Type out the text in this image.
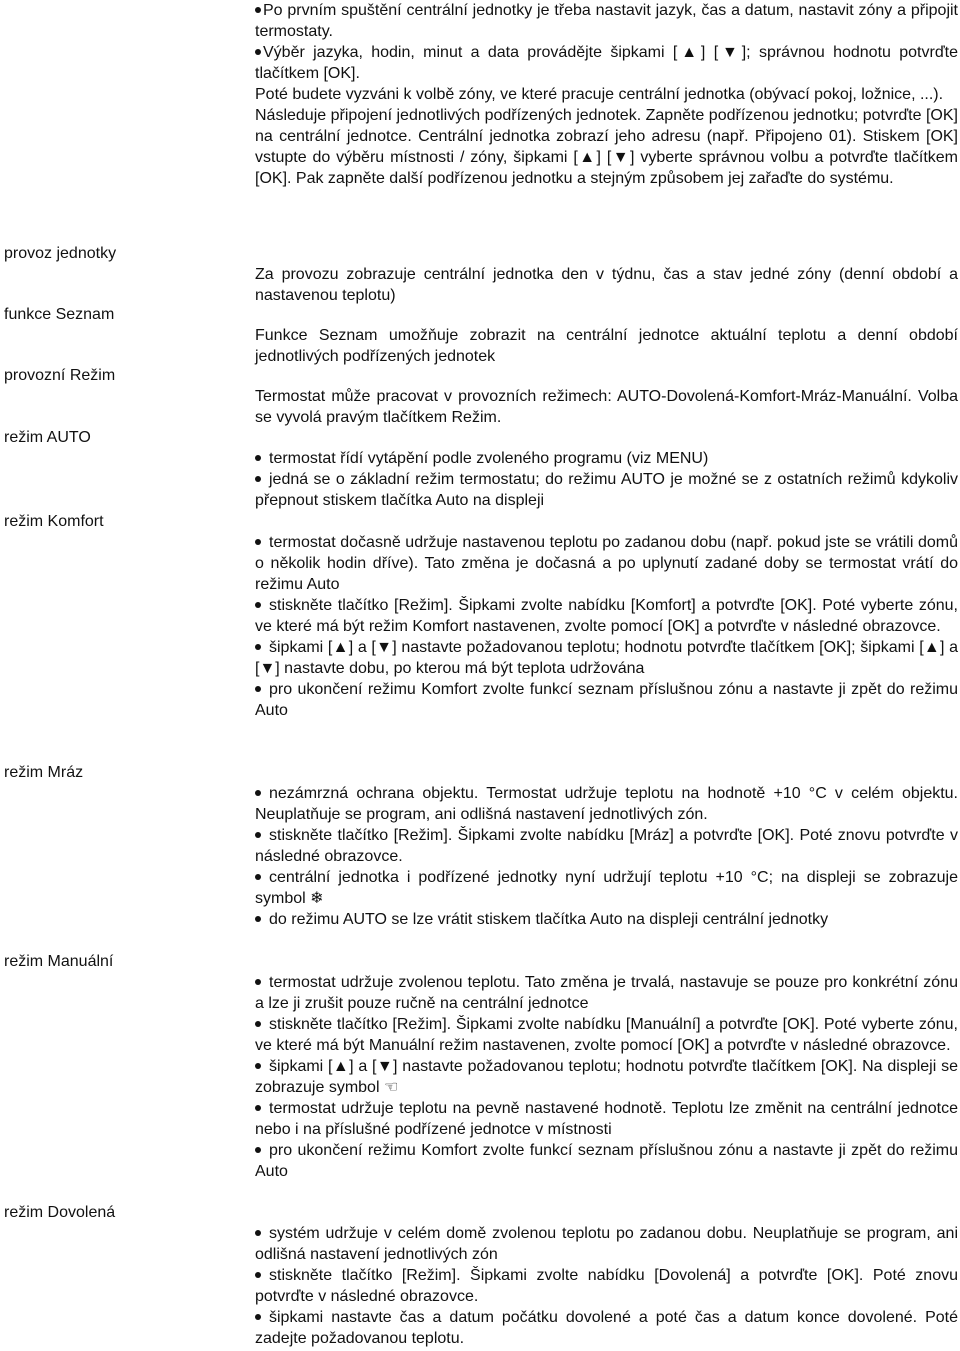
Po prvním spuštění centrální jednotky je třeba nastavit jazyk, čas a datum, nastavit zóny a připojit termostaty.

Výběr jazyka, hodin, minut a data provádějte šipkami [▲] [▼]; správnou hodnotu potvrďte tlačítkem [OK].

Poté budete vyzváni k volbě zóny, ve které pracuje centrální jednotka (obývací pokoj, ložnice, ...).

Následuje připojení jednotlivých podřízených jednotek. Zapněte podřízenou jednotku; potvrďte [OK] na centrální jednotce. Centrální jednotka zobrazí jeho adresu (např. Připojeno 01). Stiskem [OK] vstupte do výběru místnosti / zóny, šipkami [▲] [▼] vyberte správnou volbu a potvrďte tlačítkem [OK]. Pak zapněte další podřízenou jednotku a stejným způsobem jej zařaďte do systému.

provoz jednotky
funkce Seznam
provozní Režim
režim AUTO
režim Komfort
režim Mráz
režim Manuální
režim Dovolená

Za provozu zobrazuje centrální jednotka den v týdnu, čas a stav jedné zóny (denní období a nastavenou teplotu)

Funkce Seznam umožňuje zobrazit na centrální jednotce aktuální teplotu a denní období jednotlivých podřízených jednotek

Termostat může pracovat v provozních režimech: AUTO-Dovolená-Komfort-Mráz-Manuální. Volba se vyvolá pravým tlačítkem Režim.

termostat řídí vytápění podle zvoleného programu (viz MENU)

jedná se o základní režim termostatu; do režimu AUTO je možné se z ostatních režimů kdykoliv přepnout stiskem tlačítka Auto na displeji

termostat dočasně udržuje nastavenou teplotu po zadanou dobu (např. pokud jste se vrátili domů o několik hodin dříve). Tato změna je dočasná a po uplynutí zadané doby se termostat vrátí do režimu Auto

stiskněte tlačítko [Režim]. Šipkami zvolte nabídku [Komfort] a potvrďte [OK]. Poté vyberte zónu, ve které má být režim Komfort nastavenen, zvolte pomocí [OK] a potvrďte v následné obrazovce.

šipkami [▲] a [▼] nastavte požadovanou teplotu; hodnotu potvrďte tlačítkem [OK]; šipkami [▲] a [▼] nastavte dobu, po kterou má být teplota udržována

pro ukončení režimu Komfort zvolte funkcí seznam příslušnou zónu a nastavte ji zpět do režimu Auto

nezámrzná ochrana objektu. Termostat udržuje teplotu na hodnotě +10 °C v celém objektu. Neuplatňuje se program, ani odlišná nastavení jednotlivých zón.

stiskněte tlačítko [Režim]. Šipkami zvolte nabídku [Mráz] a potvrďte [OK]. Poté znovu potvrďte v následné obrazovce.

centrální jednotka i podřízené jednotky nyní udržují teplotu +10 °C; na displeji se zobrazuje symbol ❄

do režimu AUTO se lze vrátit stiskem tlačítka Auto na displeji centrální jednotky

termostat udržuje zvolenou teplotu. Tato změna je trvalá, nastavuje se pouze pro konkrétní zónu a lze ji zrušit pouze ručně na centrální jednotce

stiskněte tlačítko [Režim]. Šipkami zvolte nabídku [Manuální] a potvrďte [OK]. Poté vyberte zónu, ve které má být Manuální režim nastavenen, zvolte pomocí [OK] a potvrďte v následné obrazovce.

šipkami [▲] a [▼] nastavte požadovanou teplotu; hodnotu potvrďte tlačítkem [OK]. Na displeji se zobrazuje symbol ☜

termostat udržuje teplotu na pevně nastavené hodnotě. Teplotu lze změnit na centrální jednotce nebo i na příslušné podřízené jednotce v místnosti

pro ukončení režimu Komfort zvolte funkcí seznam příslušnou zónu a nastavte ji zpět do režimu Auto

systém udržuje v celém domě zvolenou teplotu po zadanou dobu. Neuplatňuje se program, ani odlišná nastavení jednotlivých zón

stiskněte tlačítko [Režim]. Šipkami zvolte nabídku [Dovolená] a potvrďte [OK]. Poté znovu potvrďte v následné obrazovce.

šipkami nastavte čas a datum počátku dovolené a poté čas a datum konce dovolené. Poté zadejte požadovanou teplotu.
